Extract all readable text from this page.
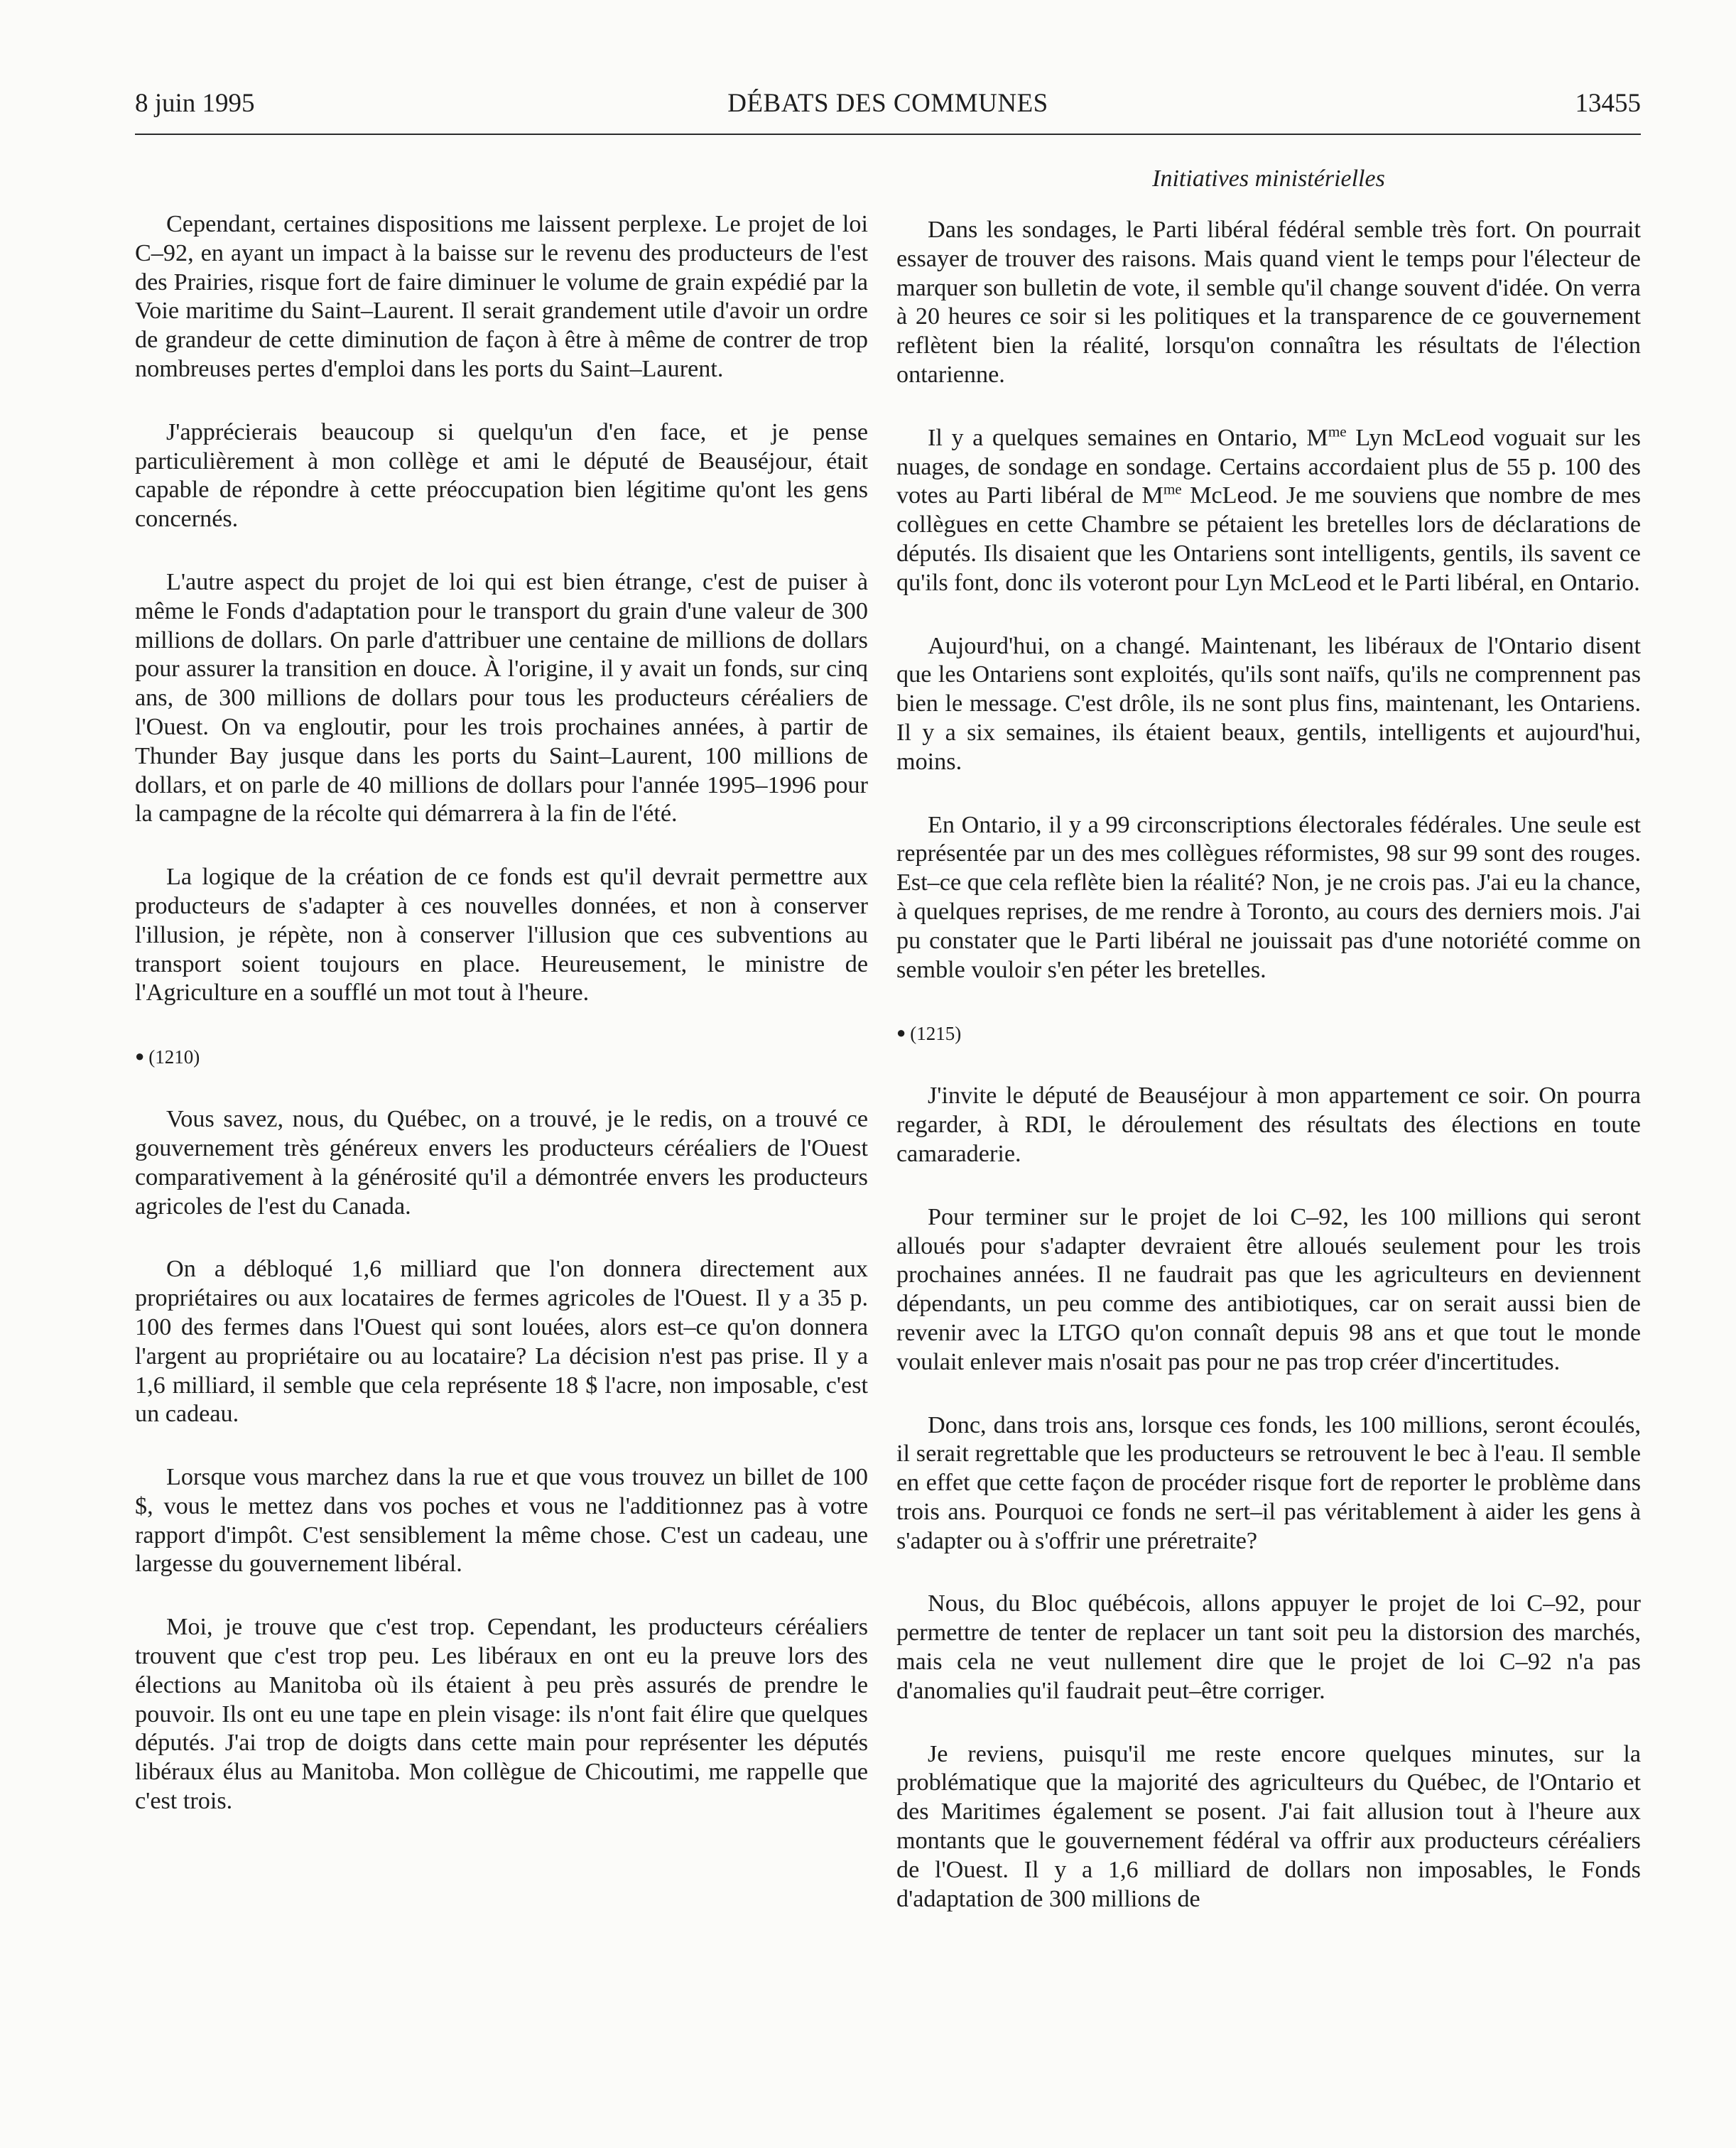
8 juin 1995	DÉBATS DES COMMUNES	13455
Initiatives ministérielles

Cependant, certaines dispositions me laissent perplexe. Le projet de loi C–92, en ayant un impact à la baisse sur le revenu des producteurs de l'est des Prairies, risque fort de faire diminuer le volume de grain expédié par la Voie maritime du Saint–Laurent. Il serait grandement utile d'avoir un ordre de grandeur de cette diminution de façon à être à même de contrer de trop nombreuses pertes d'emploi dans les ports du Saint–Laurent.

J'apprécierais beaucoup si quelqu'un d'en face, et je pense particulièrement à mon collège et ami le député de Beauséjour, était capable de répondre à cette préoccupation bien légitime qu'ont les gens concernés.

L'autre aspect du projet de loi qui est bien étrange, c'est de puiser à même le Fonds d'adaptation pour le transport du grain d'une valeur de 300 millions de dollars. On parle d'attribuer une centaine de millions de dollars pour assurer la transition en douce. À l'origine, il y avait un fonds, sur cinq ans, de 300 millions de dollars pour tous les producteurs céréaliers de l'Ouest. On va engloutir, pour les trois prochaines années, à partir de Thunder Bay jusque dans les ports du Saint–Laurent, 100 millions de dollars, et on parle de 40 millions de dollars pour l'année 1995–1996 pour la campagne de la récolte qui démarrera à la fin de l'été.

La logique de la création de ce fonds est qu'il devrait permettre aux producteurs de s'adapter à ces nouvelles données, et non à conserver l'illusion, je répète, non à conserver l'illusion que ces subventions au transport soient toujours en place. Heureusement, le ministre de l'Agriculture en a soufflé un mot tout à l'heure.

● (1210)

Vous savez, nous, du Québec, on a trouvé, je le redis, on a trouvé ce gouvernement très généreux envers les producteurs céréaliers de l'Ouest comparativement à la générosité qu'il a démontrée envers les producteurs agricoles de l'est du Canada.

On a débloqué 1,6 milliard que l'on donnera directement aux propriétaires ou aux locataires de fermes agricoles de l'Ouest. Il y a 35 p. 100 des fermes dans l'Ouest qui sont louées, alors est–ce qu'on donnera l'argent au propriétaire ou au locataire? La décision n'est pas prise. Il y a 1,6 milliard, il semble que cela représente 18 $ l'acre, non imposable, c'est un cadeau.

Lorsque vous marchez dans la rue et que vous trouvez un billet de 100 $, vous le mettez dans vos poches et vous ne l'additionnez pas à votre rapport d'impôt. C'est sensiblement la même chose. C'est un cadeau, une largesse du gouvernement libéral.

Moi, je trouve que c'est trop. Cependant, les producteurs céréaliers trouvent que c'est trop peu. Les libéraux en ont eu la preuve lors des élections au Manitoba où ils étaient à peu près assurés de prendre le pouvoir. Ils ont eu une tape en plein visage: ils n'ont fait élire que quelques députés. J'ai trop de doigts dans cette main pour représenter les députés libéraux élus au Manitoba. Mon collègue de Chicoutimi, me rappelle que c'est trois.

Dans les sondages, le Parti libéral fédéral semble très fort. On pourrait essayer de trouver des raisons. Mais quand vient le temps pour l'électeur de marquer son bulletin de vote, il semble qu'il change souvent d'idée. On verra à 20 heures ce soir si les politiques et la transparence de ce gouvernement reflètent bien la réalité, lorsqu'on connaîtra les résultats de l'élection ontarienne.

Il y a quelques semaines en Ontario, $M^{me}$ Lyn McLeod voguait sur les nuages, de sondage en sondage. Certains accordaient plus de 55 p. 100 des votes au Parti libéral de $M^{me}$ McLeod. Je me souviens que nombre de mes collègues en cette Chambre se pétaient les bretelles lors de déclarations de députés. Ils disaient que les Ontariens sont intelligents, gentils, ils savent ce qu'ils font, donc ils voteront pour Lyn McLeod et le Parti libéral, en Ontario.

Aujourd'hui, on a changé. Maintenant, les libéraux de l'Ontario disent que les Ontariens sont exploités, qu'ils sont naïfs, qu'ils ne comprennent pas bien le message. C'est drôle, ils ne sont plus fins, maintenant, les Ontariens. Il y a six semaines, ils étaient beaux, gentils, intelligents et aujourd'hui, moins.

En Ontario, il y a 99 circonscriptions électorales fédérales. Une seule est représentée par un des mes collègues réformistes, 98 sur 99 sont des rouges. Est–ce que cela reflète bien la réalité? Non, je ne crois pas. J'ai eu la chance, à quelques reprises, de me rendre à Toronto, au cours des derniers mois. J'ai pu constater que le Parti libéral ne jouissait pas d'une notoriété comme on semble vouloir s'en péter les bretelles.

● (1215)

J'invite le député de Beauséjour à mon appartement ce soir. On pourra regarder, à RDI, le déroulement des résultats des élections en toute camaraderie.

Pour terminer sur le projet de loi C–92, les 100 millions qui seront alloués pour s'adapter devraient être alloués seulement pour les trois prochaines années. Il ne faudrait pas que les agriculteurs en deviennent dépendants, un peu comme des antibiotiques, car on serait aussi bien de revenir avec la LTGO qu'on connaît depuis 98 ans et que tout le monde voulait enlever mais n'osait pas pour ne pas trop créer d'incertitudes.

Donc, dans trois ans, lorsque ces fonds, les 100 millions, seront écoulés, il serait regrettable que les producteurs se retrouvent le bec à l'eau. Il semble en effet que cette façon de procéder risque fort de reporter le problème dans trois ans. Pourquoi ce fonds ne sert–il pas véritablement à aider les gens à s'adapter ou à s'offrir une préretraite?

Nous, du Bloc québécois, allons appuyer le projet de loi C–92, pour permettre de tenter de replacer un tant soit peu la distorsion des marchés, mais cela ne veut nullement dire que le projet de loi C–92 n'a pas d'anomalies qu'il faudrait peut–être corriger.

Je reviens, puisqu'il me reste encore quelques minutes, sur la problématique que la majorité des agriculteurs du Québec, de l'Ontario et des Maritimes également se posent. J'ai fait allusion tout à l'heure aux montants que le gouvernement fédéral va offrir aux producteurs céréaliers de l'Ouest. Il y a 1,6 milliard de dollars non imposables, le Fonds d'adaptation de 300 millions de
